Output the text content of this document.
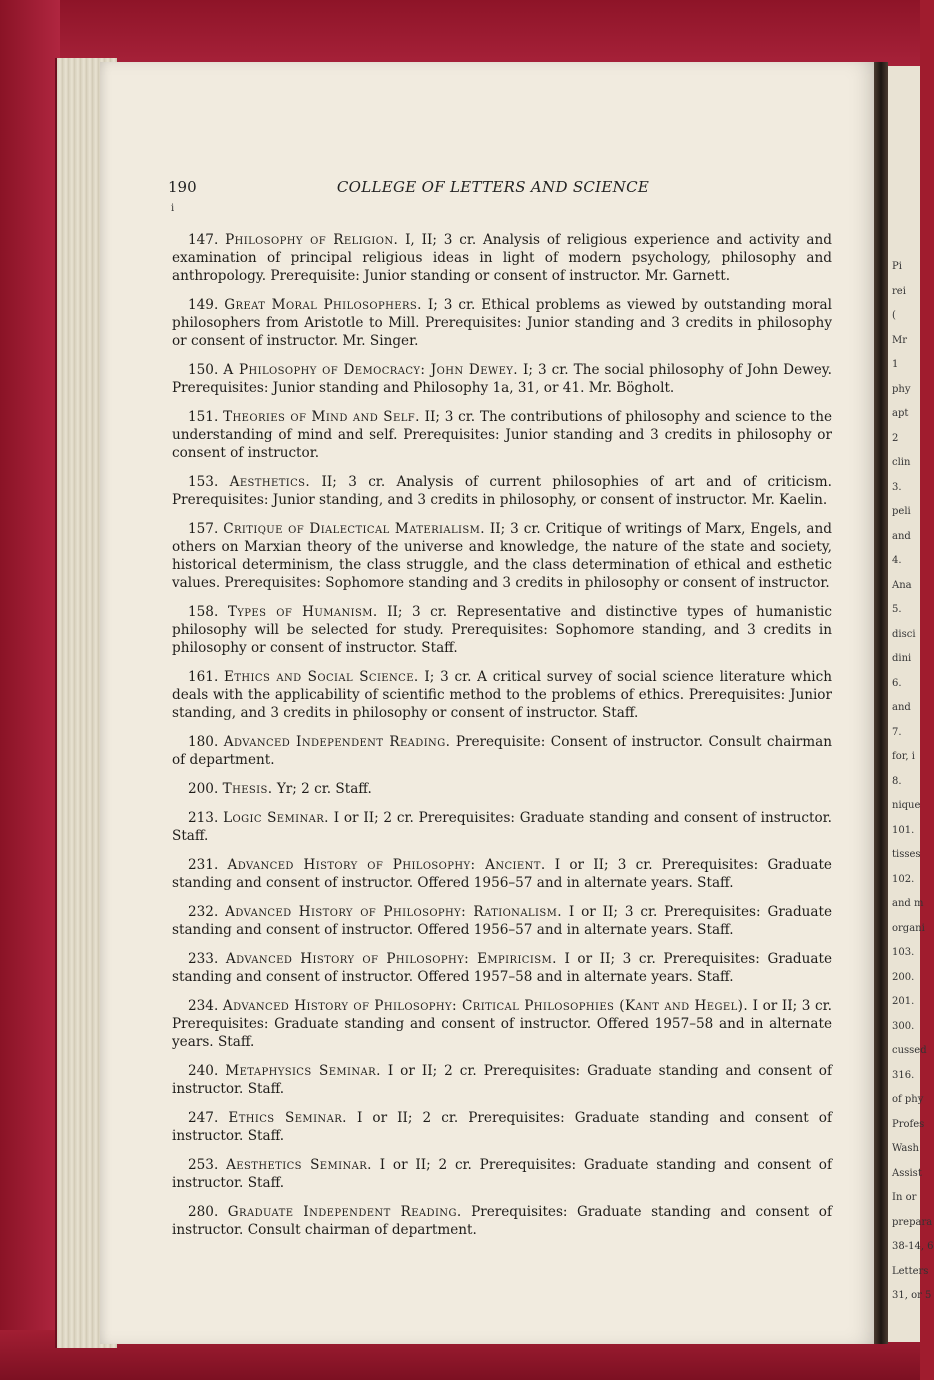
Pi
rei
(
Mr
1
phy
apt
2
clin
3.
peli
and
4.
Ana
5.
disci
dini
6.
and
7.
for, i
8.
nique
101.
tisses
102.
and m
organi
103.
200.
201.
300.
cussed
316.
of phy
Profes
Wash
Assist
In or
prepara
38-14, 6
Letters
31, or 5
190	COLLEGE OF LETTERS AND SCIENCE
ⅰ

147. Philosophy of Religion. I, II; 3 cr. Analysis of religious experience and activity and examination of principal religious ideas in light of modern psychology, philosophy and anthropology. Prerequisite: Junior standing or consent of instructor. Mr. Garnett.

149. Great Moral Philosophers. I; 3 cr. Ethical problems as viewed by outstanding moral philosophers from Aristotle to Mill. Prerequisites: Junior standing and 3 credits in philosophy or consent of instructor. Mr. Singer.

150. A Philosophy of Democracy: John Dewey. I; 3 cr. The social philosophy of John Dewey. Prerequisites: Junior standing and Philosophy 1a, 31, or 41. Mr. Bögholt.

151. Theories of Mind and Self. II; 3 cr. The contributions of philosophy and science to the understanding of mind and self. Prerequisites: Junior standing and 3 credits in philosophy or consent of instructor.

153. Aesthetics. II; 3 cr. Analysis of current philosophies of art and of criticism. Prerequisites: Junior standing, and 3 credits in philosophy, or consent of instructor. Mr. Kaelin.

157. Critique of Dialectical Materialism. II; 3 cr. Critique of writings of Marx, Engels, and others on Marxian theory of the universe and knowledge, the nature of the state and society, historical determinism, the class struggle, and the class determination of ethical and esthetic values. Prerequisites: Sophomore standing and 3 credits in philosophy or consent of instructor.

158. Types of Humanism. II; 3 cr. Representative and distinctive types of humanistic philosophy will be selected for study. Prerequisites: Sophomore standing, and 3 credits in philosophy or consent of instructor. Staff.

161. Ethics and Social Science. I; 3 cr. A critical survey of social science literature which deals with the applicability of scientific method to the problems of ethics. Prerequisites: Junior standing, and 3 credits in philosophy or consent of instructor. Staff.

180. Advanced Independent Reading. Prerequisite: Consent of instructor. Consult chairman of department.

200. Thesis. Yr; 2 cr. Staff.

213. Logic Seminar. I or II; 2 cr. Prerequisites: Graduate standing and consent of instructor. Staff.

231. Advanced History of Philosophy: Ancient. I or II; 3 cr. Prerequisites: Graduate standing and consent of instructor. Offered 1956–57 and in alternate years. Staff.

232. Advanced History of Philosophy: Rationalism. I or II; 3 cr. Prerequisites: Graduate standing and consent of instructor. Offered 1956–57 and in alternate years. Staff.

233. Advanced History of Philosophy: Empiricism. I or II; 3 cr. Prerequisites: Graduate standing and consent of instructor. Offered 1957–58 and in alternate years. Staff.

234. Advanced History of Philosophy: Critical Philosophies (Kant and Hegel). I or II; 3 cr. Prerequisites: Graduate standing and consent of instructor. Offered 1957–58 and in alternate years. Staff.

240. Metaphysics Seminar. I or II; 2 cr. Prerequisites: Graduate standing and consent of instructor. Staff.

247. Ethics Seminar. I or II; 2 cr. Prerequisites: Graduate standing and consent of instructor. Staff.

253. Aesthetics Seminar. I or II; 2 cr. Prerequisites: Graduate standing and consent of instructor. Staff.

280. Graduate Independent Reading. Prerequisites: Graduate standing and consent of instructor. Consult chairman of department.
